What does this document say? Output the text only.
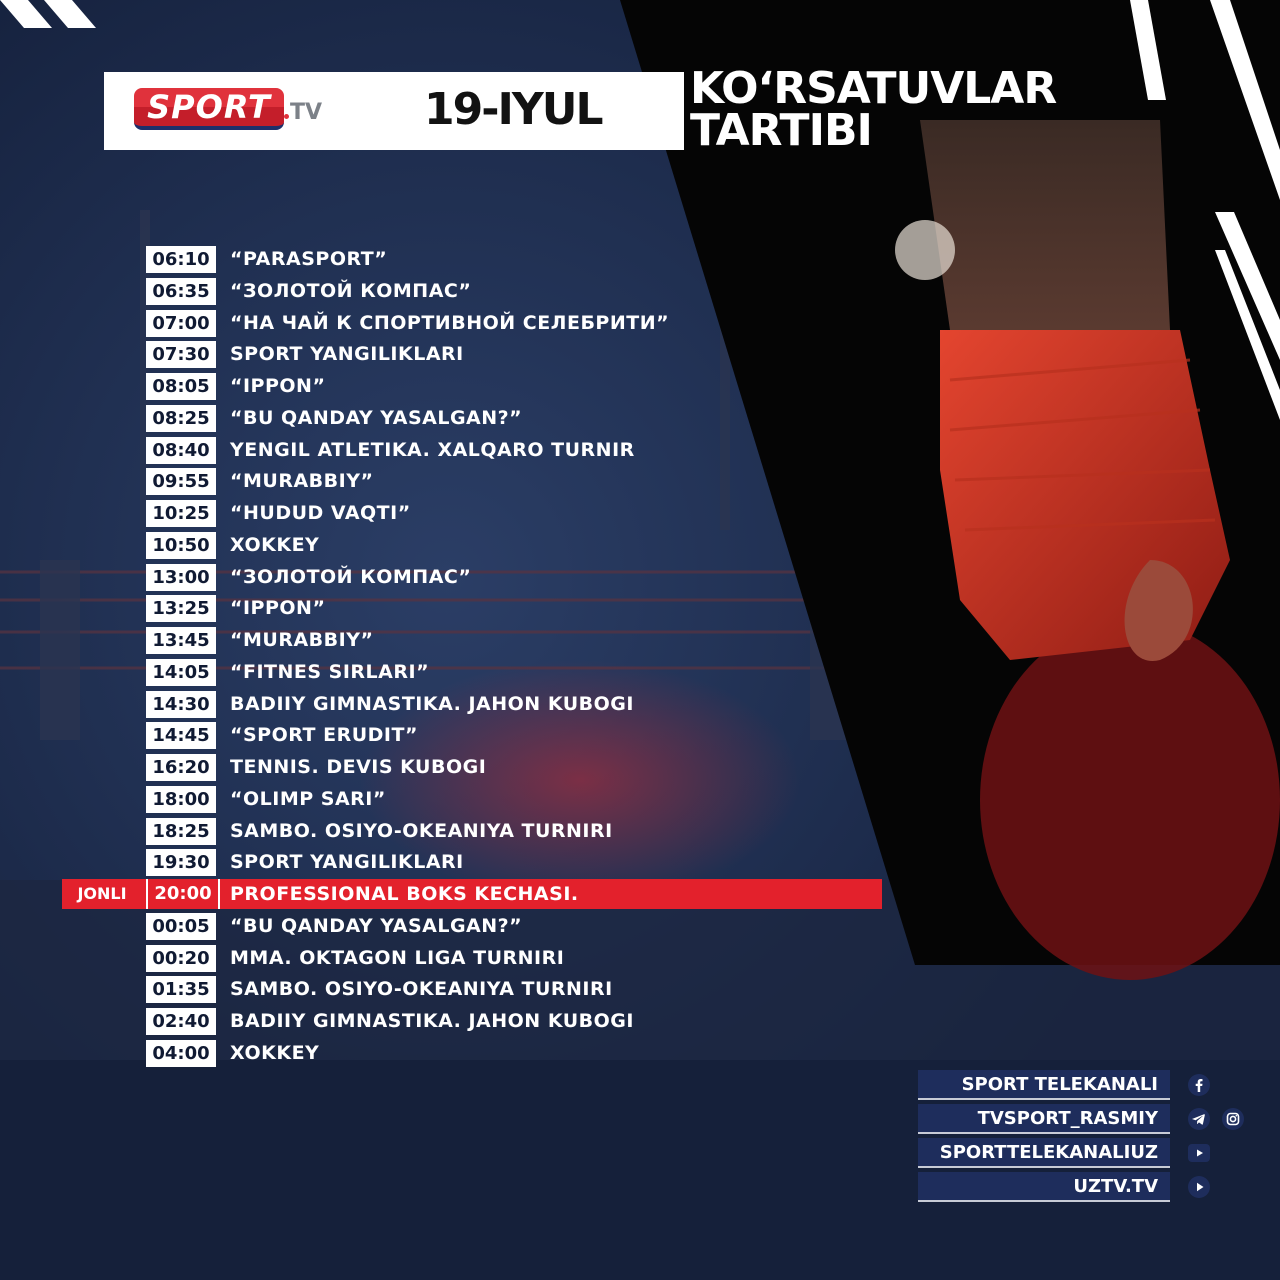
SPORT TV 19-IYUL KO‘RSATUVLAR
TARTIBI
06:10	“PARASPORT”
06:35	“ЗОЛОТОЙ КОМПАС”
07:00	“НА ЧАЙ К СПОРТИВНОЙ СЕЛЕБРИТИ”
07:30	SPORT YANGILIKLARI
08:05	“IPPON”
08:25	“BU QANDAY YASALGAN?”
08:40	YENGIL ATLETIKA. XALQARO TURNIR
09:55	“MURABBIY”
10:25	“HUDUD VAQTI”
10:50	XOKKEY
13:00	“ЗОЛОТОЙ КОМПАС”
13:25	“IPPON”
13:45	“MURABBIY”
14:05	“FITNES SIRLARI”
14:30	BADIIY GIMNASTIKA. JAHON KUBOGI
14:45	“SPORT ERUDIT”
16:20	TENNIS. DEVIS KUBOGI
18:00	“OLIMP SARI”
18:25	SAMBO. OSIYO-OKEANIYA TURNIRI
19:30	SPORT YANGILIKLARI
JONLI	20:00 PROFESSIONAL BOKS KECHASI.
00:05	“BU QANDAY YASALGAN?”
00:20	MMA. OKTAGON LIGA TURNIRI
01:35	SAMBO. OSIYO-OKEANIYA TURNIRI
02:40	BADIIY GIMNASTIKA. JAHON KUBOGI
04:00	XOKKEY
SPORT TELEKANALI
TVSPORT_RASMIY
SPORTTELEKANALIUZ
UZTV.TV
